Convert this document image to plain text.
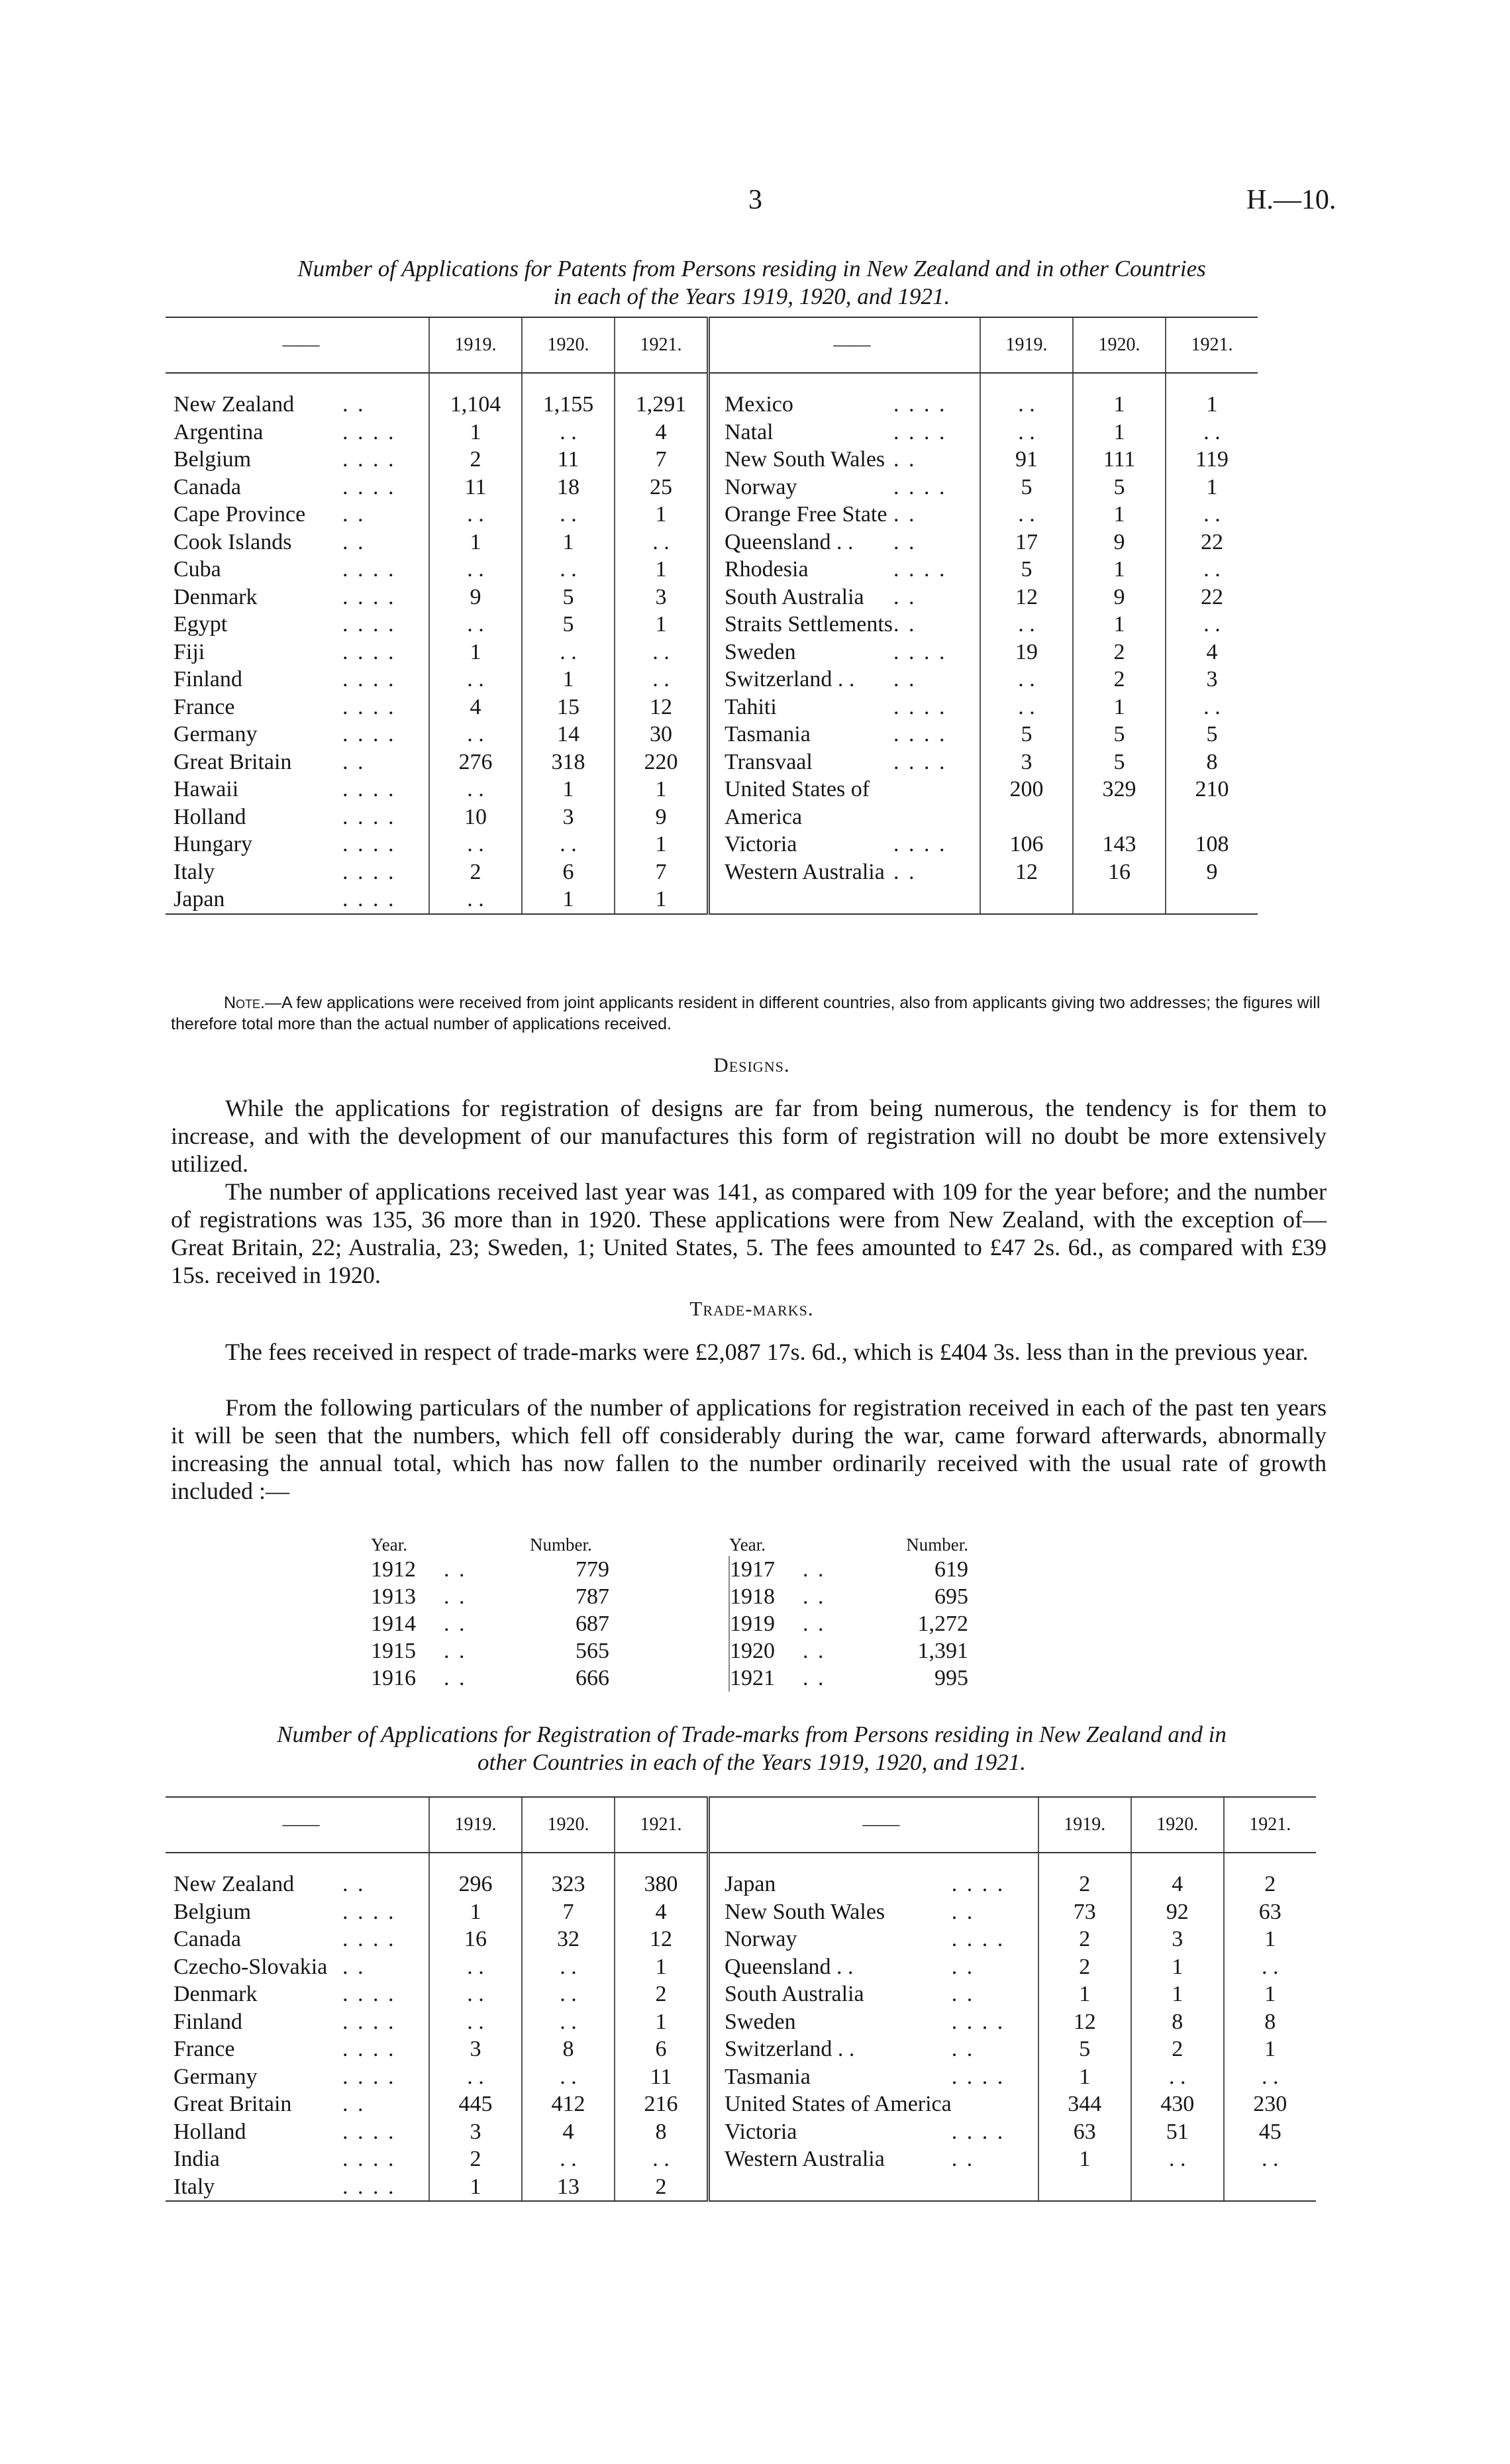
3	H.—10.
Number of Applications for Patents from Persons residing in New Zealand and in other Countries
in each of the Years 1919, 1920, and 1921.
	——		1919.	1920.	1921.		——		1919.	1920.	1921.

	New Zealand	. .	1,104	1,155	1,291		Mexico	. . . .	. .	1	1
	Argentina	. . . .	1	. .	4		Natal	. . . .	. .	1	. .
	Belgium	. . . .	2	11	7		New South Wales	. .	91	111	119
	Canada	. . . .	11	18	25		Norway	. . . .	5	5	1
	Cape Province	. .	. .	. .	1		Orange Free State	. .	. .	1	. .
	Cook Islands	. .	1	1	. .		Queensland . .	. .	17	9	22
	Cuba	. . . .	. .	. .	1		Rhodesia	. . . .	5	1	. .
	Denmark	. . . .	9	5	3		South Australia	. .	12	9	22
	Egypt	. . . .	. .	5	1		Straits Settlements	. .	. .	1	. .
	Fiji	. . . .	1	. .	. .		Sweden	. . . .	19	2	4
	Finland	. . . .	. .	1	. .		Switzerland . .	. .	. .	2	3
	France	. . . .	4	15	12		Tahiti	. . . .	. .	1	. .
	Germany	. . . .	. .	14	30		Tasmania	. . . .	5	5	5
	Great Britain	. .	276	318	220		Transvaal	. . . .	3	5	8
	Hawaii	. . . .	. .	1	1		United States of		200	329	210
	Holland	. . . .	10	3	9		America				
	Hungary	. . . .	. .	. .	1		Victoria	. . . .	106	143	108
	Italy	. . . .	2	6	7		Western Australia	. .	12	16	9
	Japan	. . . .	. .	1	1						
Note.—A few applications were received from joint applicants resident in different countries, also from applicants giving two addresses; the figures will therefore total more than the actual number of applications received.
Designs.
While the applications for registration of designs are far from being numerous, the tendency is for them to increase, and with the development of our manufactures this form of registration will no doubt be more extensively utilized.
The number of applications received last year was 141, as compared with 109 for the year before; and the number of registrations was 135, 36 more than in 1920. These applications were from New Zealand, with the exception of—Great Britain, 22; Australia, 23; Sweden, 1; United States, 5. The fees amounted to £47 2s. 6d., as compared with £39 15s. received in 1920.
Trade-marks.
The fees received in respect of trade-marks were £2,087 17s. 6d., which is £404 3s. less than in the previous year.
From the following particulars of the number of applications for registration received in each of the past ten years it will be seen that the numbers, which fell off considerably during the war, came forward afterwards, abnormally increasing the annual total, which has now fallen to the number ordinarily received with the usual rate of growth included :—
Year.		Number.		Year.		Number.
1912	. .	779		1917	. .	619
1913	. .	787		1918	. .	695
1914	. .	687		1919	. .	1,272
1915	. .	565		1920	. .	1,391
1916	. .	666		1921	. .	995
Number of Applications for Registration of Trade-marks from Persons residing in New Zealand and in
other Countries in each of the Years 1919, 1920, and 1921.
	——		1919.	1920.	1921.		——		1919.	1920.	1921.

	New Zealand	. .	296	323	380		Japan	. . . .	2	4	2
	Belgium	. . . .	1	7	4		New South Wales	. .	73	92	63
	Canada	. . . .	16	32	12		Norway	. . . .	2	3	1
	Czecho-Slovakia	. .	. .	. .	1		Queensland . .	. .	2	1	. .
	Denmark	. . . .	. .	. .	2		South Australia	. .	1	1	1
	Finland	. . . .	. .	. .	1		Sweden	. . . .	12	8	8
	France	. . . .	3	8	6		Switzerland . .	. .	5	2	1
	Germany	. . . .	. .	. .	11		Tasmania	. . . .	1	. .	. .
	Great Britain	. .	445	412	216		United States of America		344	430	230
	Holland	. . . .	3	4	8		Victoria	. . . .	63	51	45
	India	. . . .	2	. .	. .		Western Australia	. .	1	. .	. .
	Italy	. . . .	1	13	2						
